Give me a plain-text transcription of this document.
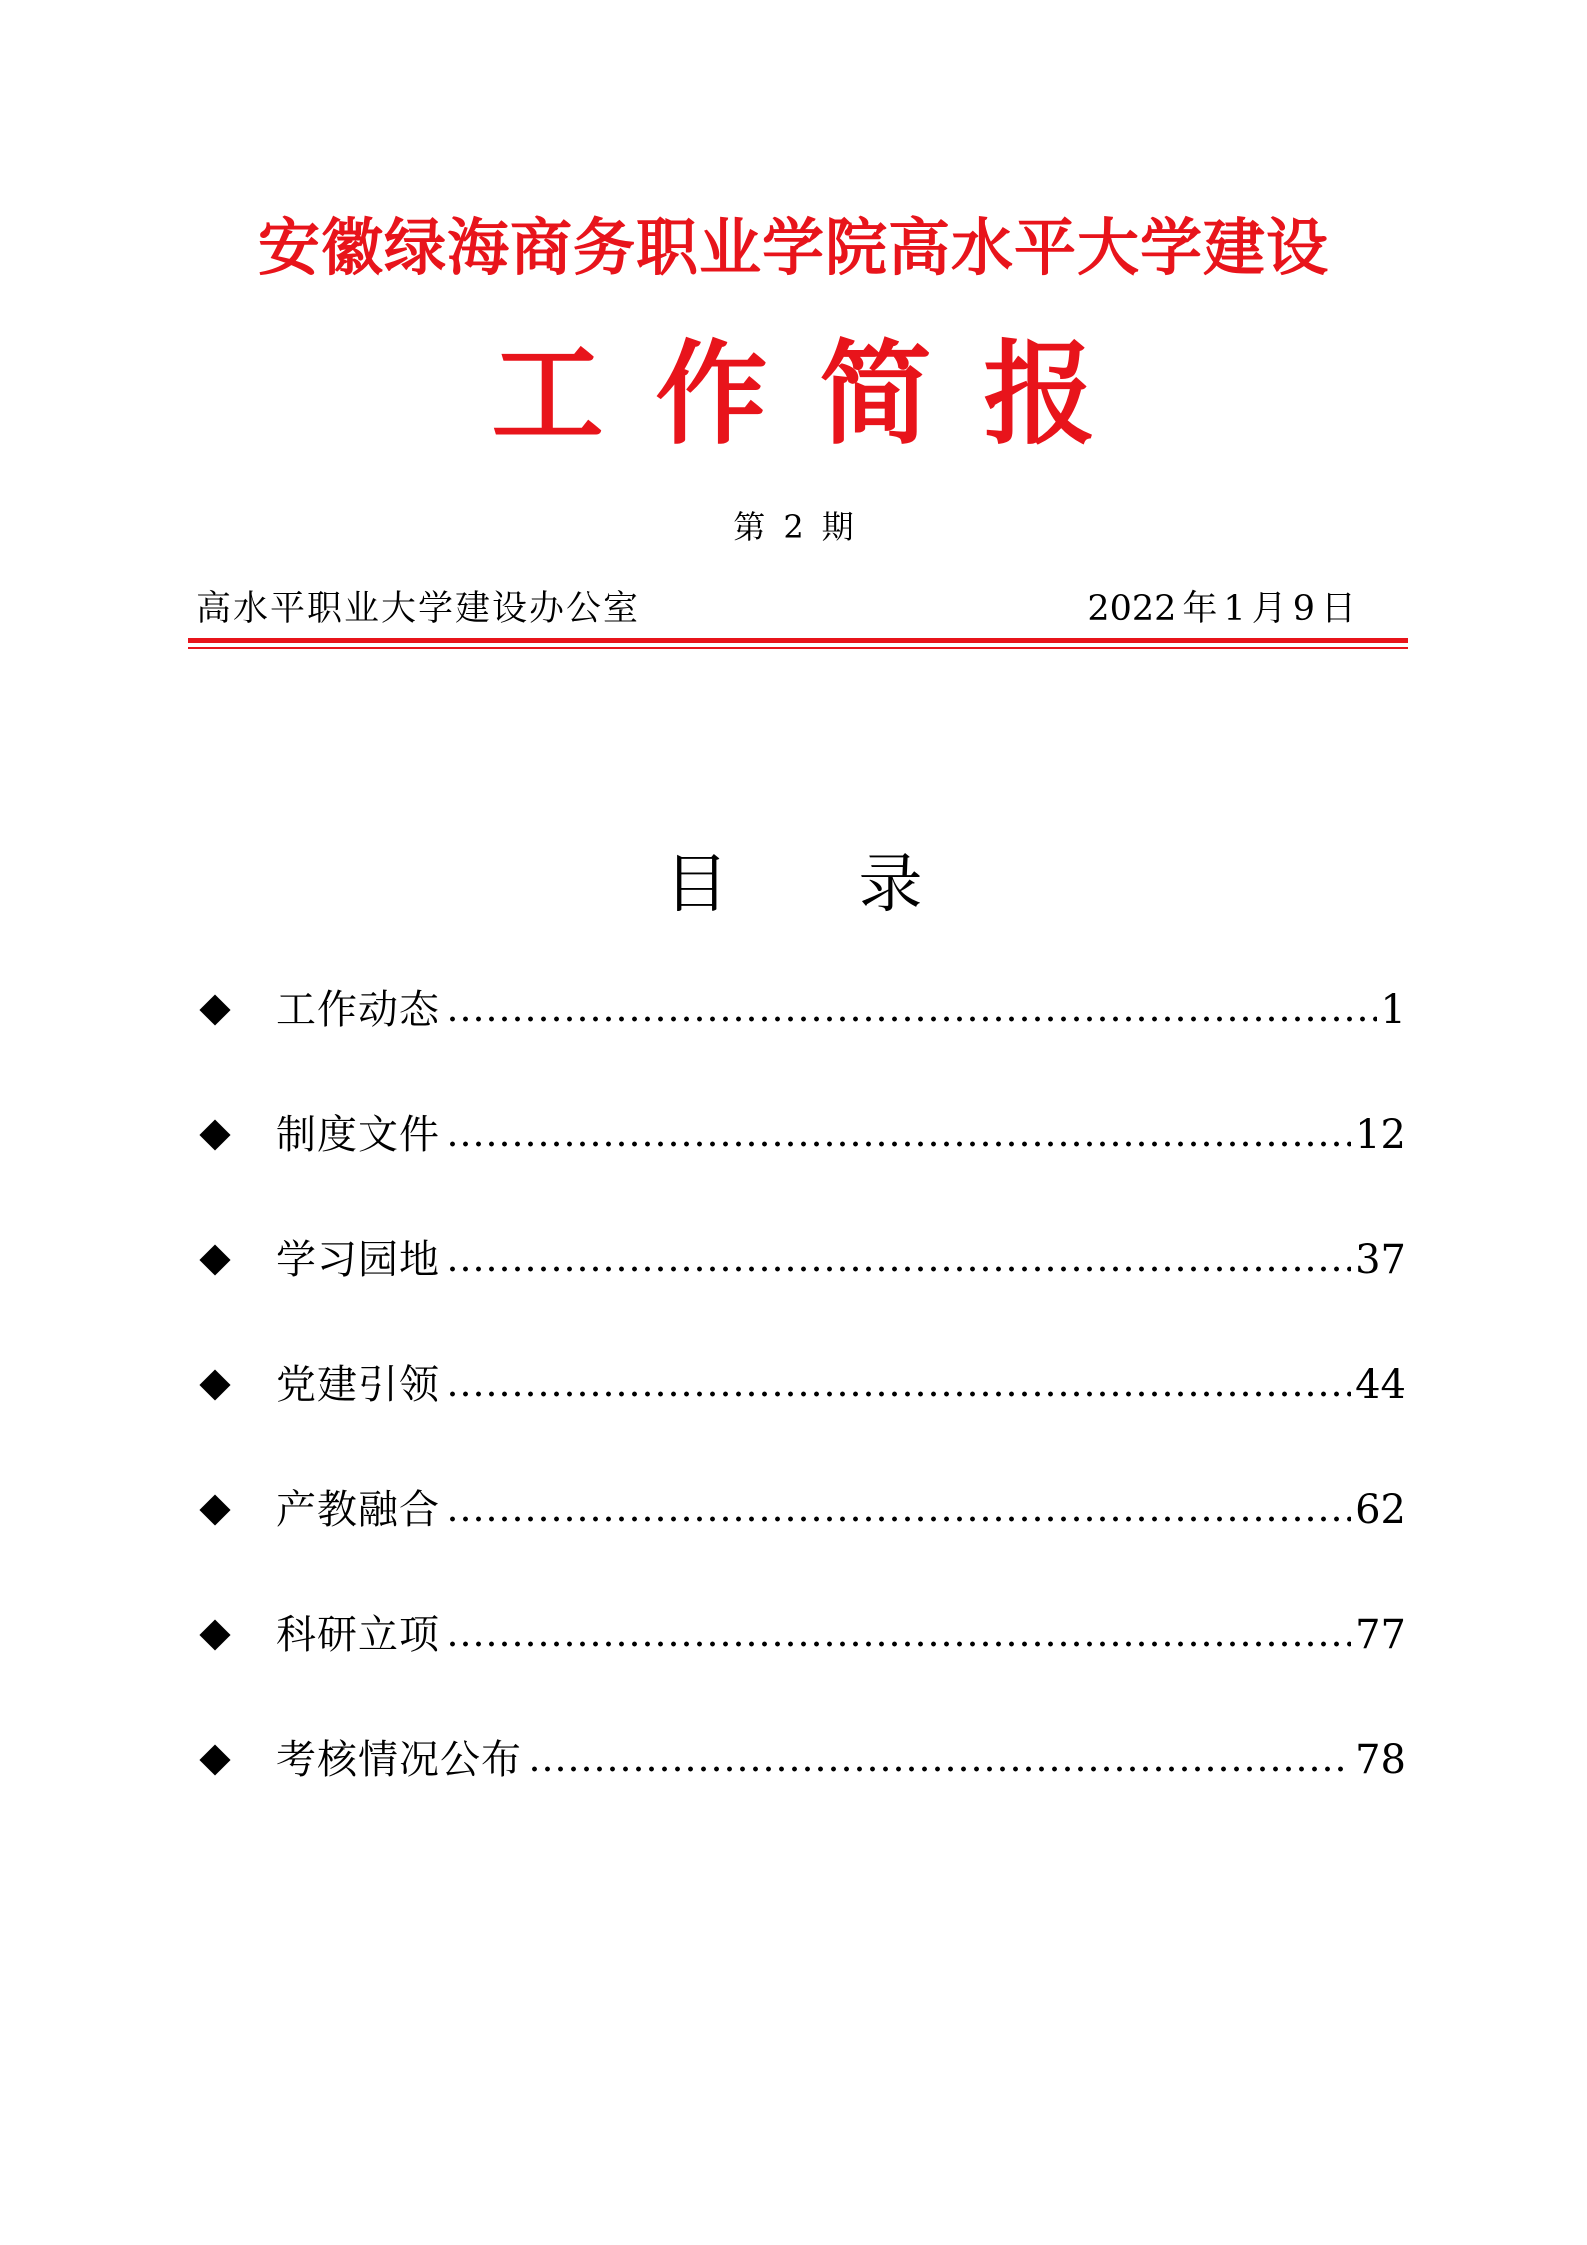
安徽绿海商务职业学院高水平大学建设
工作简报
第 2 期
高水平职业大学建设办公室	2022 年 1 月 9 日
目 录
工作动态	1
制度文件	12
学习园地	37
党建引领	44
产教融合	62
科研立项	77
考核情况公布	78
